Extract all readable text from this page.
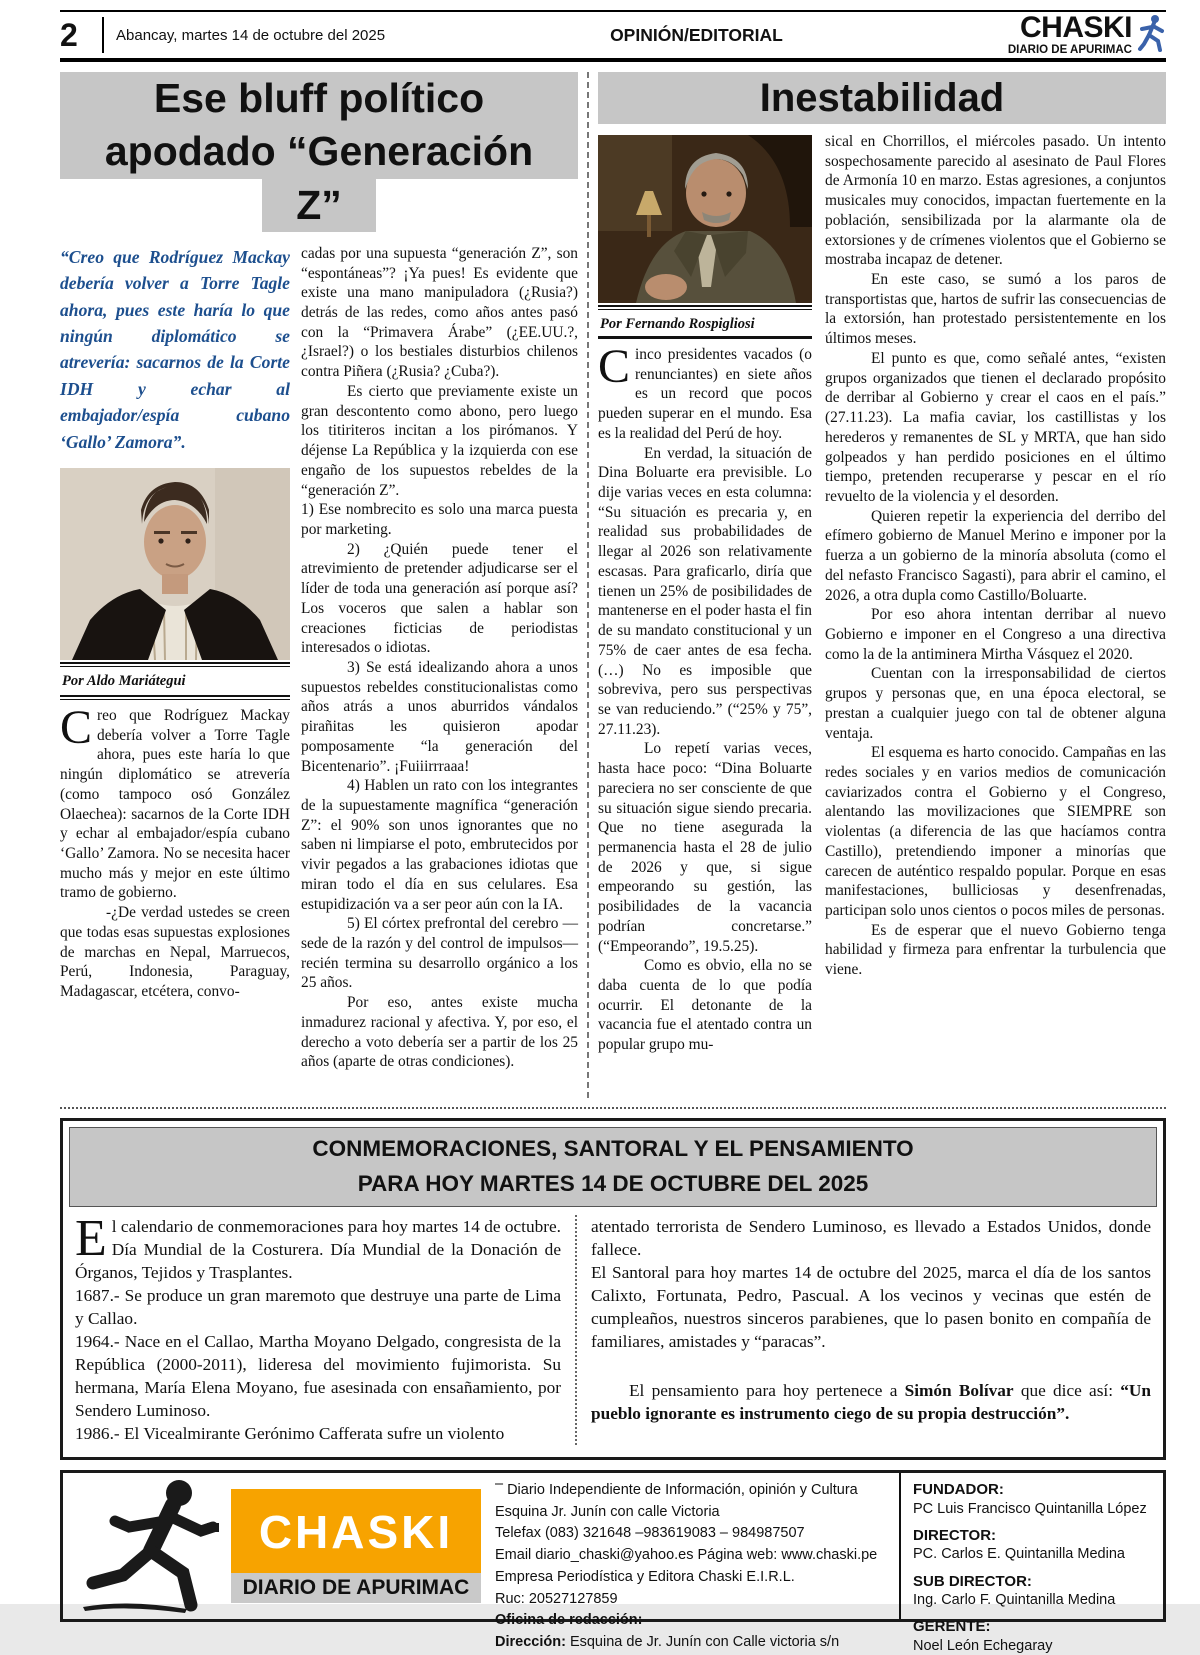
2	Abancay, martes 14 de octubre del 2025	OPINIÓN/EDITORIAL	CHASKI
DIARIO DE APURIMAC
Ese bluff político
apodado “Generación
Z”

“Creo que Rodríguez Mackay debería volver a Torre Tagle ahora, pues este haría lo que ningún diplomático se atrevería: sacarnos de la Corte IDH y echar al embajador/espía cubano ‘Gallo’ Zamora”.

Por Aldo Mariátegui

Creo que Rodríguez Mackay debería volver a Torre Tagle ahora, pues este haría lo que ningún diplomático se atrevería (como tampoco osó González Olaechea): sacarnos de la Corte IDH y echar al embajador/espía cubano ‘Gallo’ Zamora. No se necesita hacer mucho más y mejor en este último tramo de gobierno.

-¿De verdad ustedes se creen que todas esas supuestas explosiones de marchas en Nepal, Marruecos, Perú, Indonesia, Paraguay, Madagascar, etcétera, convo-

cadas por una supuesta “generación Z”, son “espontáneas”? ¡Ya pues! Es evidente que existe una mano manipuladora (¿Rusia?) detrás de las redes, como años antes pasó con la “Primavera Árabe” (¿EE.UU.?, ¿Israel?) o los bestiales disturbios chilenos contra Piñera (¿Rusia? ¿Cuba?).

Es cierto que previamente existe un gran descontento como abono, pero luego los titiriteros incitan a los pirómanos. Y déjense La República y la izquierda con ese engaño de los supuestos rebeldes de la “generación Z”.

1) Ese nombrecito es solo una marca puesta por marketing.

2) ¿Quién puede tener el atrevimiento de pretender adjudicarse ser el líder de toda una generación así porque así? Los voceros que salen a hablar son creaciones ficticias de periodistas interesados o idiotas.

3) Se está idealizando ahora a unos supuestos rebeldes constitucionalistas como años atrás a unos aburridos vándalos pirañitas les quisieron apodar pomposamente “la generación del Bicentenario”. ¡Fuiiirrraaa!

4) Hablen un rato con los integrantes de la supuestamente magnífica “generación Z”: el 90% son unos ignorantes que no saben ni limpiarse el poto, embrutecidos por vivir pegados a las grabaciones idiotas que miran todo el día en sus celulares. Esa estupidización va a ser peor aún con la IA.

5) El córtex prefrontal del cerebro —sede de la razón y del control de impulsos— recién termina su desarrollo orgánico a los 25 años.

Por eso, antes existe mucha inmadurez racional y afectiva. Y, por eso, el derecho a voto debería ser a partir de los 25 años (aparte de otras condiciones).

Inestabilidad
Por Fernando Rospigliosi

Cinco presidentes vacados (o renunciantes) en siete años es un record que pocos pueden superar en el mundo. Esa es la realidad del Perú de hoy.

En verdad, la situación de Dina Boluarte era previsible. Lo dije varias veces en esta columna: “Su situación es precaria y, en realidad sus probabilidades de llegar al 2026 son relativamente escasas. Para graficarlo, diría que tienen un 25% de posibilidades de mantenerse en el poder hasta el fin de su mandato constitucional y un 75% de caer antes de esa fecha. (…) No es imposible que sobreviva, pero sus perspectivas se van reduciendo.” (“25% y 75”, 27.11.23).

Lo repetí varias veces, hasta hace poco: “Dina Boluarte pareciera no ser consciente de que su situación sigue siendo precaria. Que no tiene asegurada la permanencia hasta el 28 de julio de 2026 y que, si sigue empeorando su gestión, las posibilidades de la vacancia podrían concretarse.” (“Empeorando”, 19.5.25).

Como es obvio, ella no se daba cuenta de lo que podía ocurrir. El detonante de la vacancia fue el atentado contra un popular grupo mu-

sical en Chorrillos, el miércoles pasado. Un intento sospechosamente parecido al asesinato de Paul Flores de Armonía 10 en marzo. Estas agresiones, a conjuntos musicales muy conocidos, impactan fuertemente en la población, sensibilizada por la alarmante ola de extorsiones y de crímenes violentos que el Gobierno se mostraba incapaz de detener.

En este caso, se sumó a los paros de transportistas que, hartos de sufrir las consecuencias de la extorsión, han protestado persistentemente en los últimos meses.

El punto es que, como señalé antes, “existen grupos organizados que tienen el declarado propósito de derribar al Gobierno y crear el caos en el país.” (27.11.23). La mafia caviar, los castillistas y los herederos y remanentes de SL y MRTA, que han sido golpeados y han perdido posiciones en el último tiempo, pretenden recuperarse y pescar en el río revuelto de la violencia y el desorden.

Quieren repetir la experiencia del derribo del efímero gobierno de Manuel Merino e imponer por la fuerza a un gobierno de la minoría absoluta (como el del nefasto Francisco Sagasti), para abrir el camino, el 2026, a otra dupla como Castillo/Boluarte.

Por eso ahora intentan derribar al nuevo Gobierno e imponer en el Congreso a una directiva como la de la antiminera Mirtha Vásquez el 2020.

Cuentan con la irresponsabilidad de ciertos grupos y personas que, en una época electoral, se prestan a cualquier juego con tal de obtener alguna ventaja.

El esquema es harto conocido. Campañas en las redes sociales y en varios medios de comunicación caviarizados contra el Gobierno y el Congreso, alentando las movilizaciones que SIEMPRE son violentas (a diferencia de las que hacíamos contra Castillo), pretendiendo imponer a minorías que carecen de auténtico respaldo popular. Porque en esas manifestaciones, bulliciosas y desenfrenadas, participan solo unos cientos o pocos miles de personas.

Es de esperar que el nuevo Gobierno tenga habilidad y firmeza para enfrentar la turbulencia que viene.

CONMEMORACIONES, SANTORAL Y EL PENSAMIENTO
PARA HOY MARTES 14 DE OCTUBRE DEL 2025

El calendario de conmemoraciones para hoy martes 14 de octubre. Día Mundial de la Costurera. Día Mundial de la Donación de Órganos, Tejidos y Trasplantes.

1687.- Se produce un gran maremoto que destruye una parte de Lima y Callao.

1964.- Nace en el Callao, Martha Moyano Delgado, congresista de la República (2000-2011), lideresa del movimiento fujimorista. Su hermana, María Elena Moyano, fue asesinada con ensañamiento, por Sendero Luminoso.

1986.- El Vicealmirante Gerónimo Cafferata sufre un violento

atentado terrorista de Sendero Luminoso, es llevado a Estados Unidos, donde fallece.

El Santoral para hoy martes 14 de octubre del 2025, marca el día de los santos Calixto, Fortunata, Pedro, Pascual. A los vecinos y vecinas que estén de cumpleaños, nuestros sinceros parabienes, que lo pasen bonito en compañía de familiares, amistades y “paracas”.

El pensamiento para hoy pertenece a Simón Bolívar que dice así: “Un pueblo ignorante es instrumento ciego de su propia destrucción”.

CHASKI
DIARIO DE APURIMAC
– Diario Independiente de Información, opinión y Cultura
Esquina Jr. Junín con calle Victoria
Telefax (083) 321648 –983619083 – 984987507
Email diario_chaski@yahoo.es Página web: www.chaski.pe
Empresa Periodística y Editora Chaski E.I.R.L.
Ruc: 20527127859
Oficina de redacción:
Dirección: Esquina de Jr. Junín con Calle victoria s/n
FUNDADOR:
PC Luis Francisco Quintanilla López
DIRECTOR:
PC. Carlos E. Quintanilla Medina
SUB DIRECTOR:
Ing. Carlo F. Quintanilla Medina
GERENTE:
Noel León Echegaray
